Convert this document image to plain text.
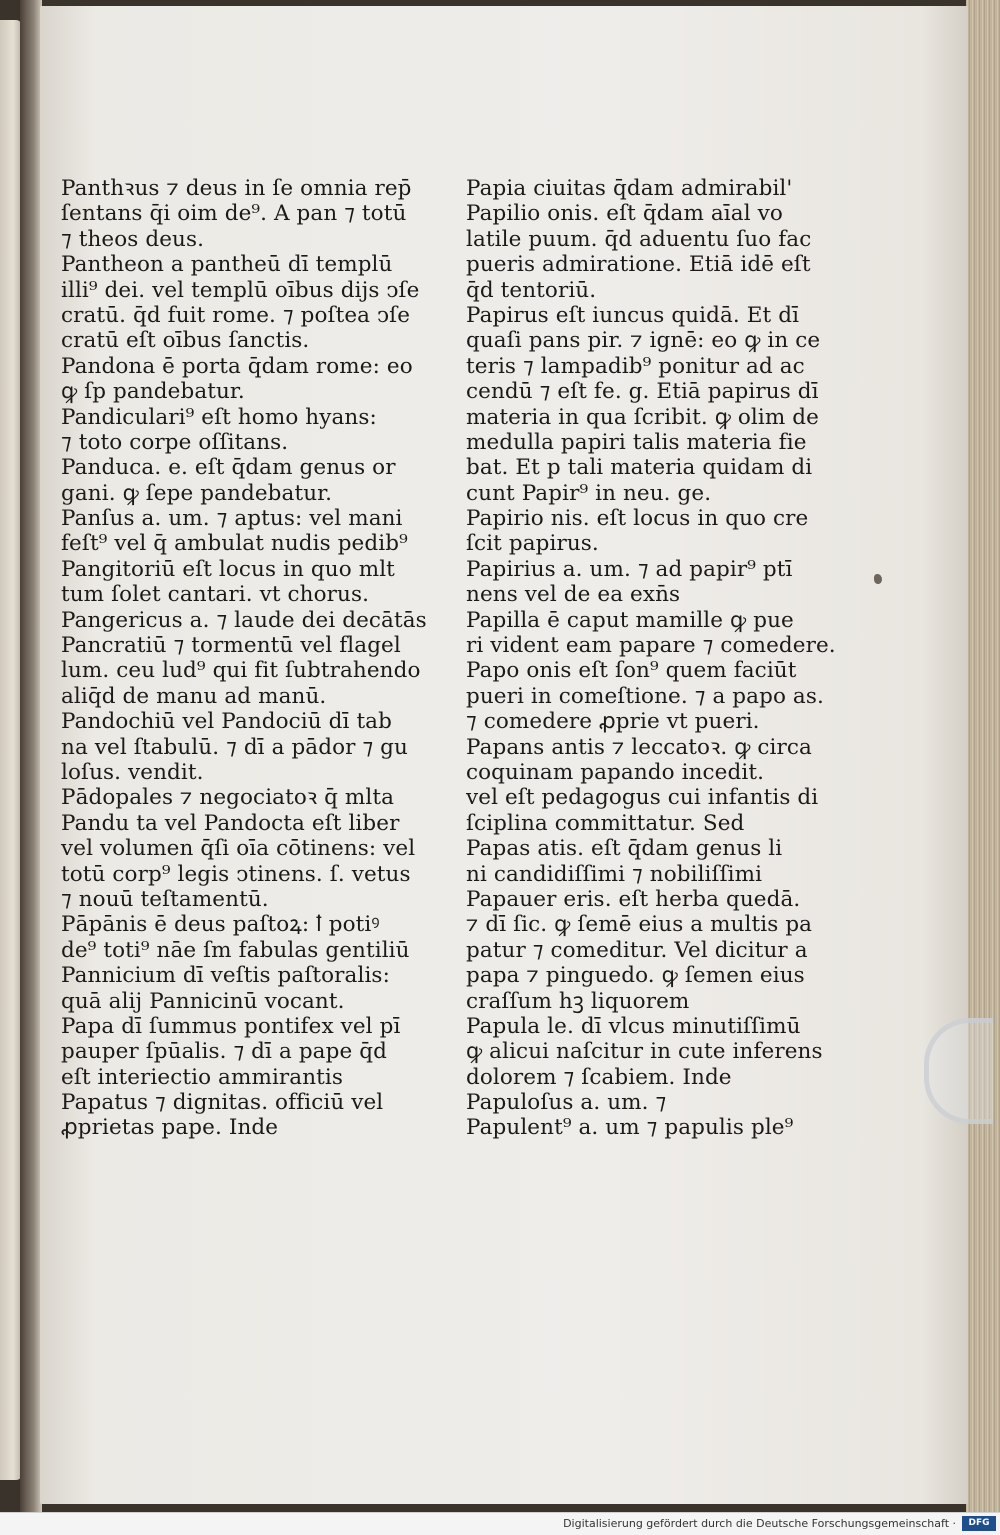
Panthꝛus ⁊ deus in ſe omnia rep̄
ſentans q̄i oim de⁹. A pan ⁊ totū
⁊ theos deus.
Pantheon a pantheū dī templū
illi⁹ dei. vel templū oībus dijs ↄſe
cratū. q̄d fuit rome. ⁊ poſtea ↄſe
cratū eſt oībus ſanctis.
Pandona ē porta q̄dam rome: eo
ꝙ ſp pandebatur.
Pandiculari⁹ eſt homo hyans:
⁊ toto corpe oſſitans.
Panduca. e. eſt q̄dam genus or
gani. ꝙ ſepe pandebatur.
Panſus a. um. ⁊ aptus: vel mani
feſt⁹ vel q̄ ambulat nudis pedib⁹
Pangitoriū eſt locus in quo mlt
tum ſolet cantari. vt chorus.
Pangericus a. ⁊ laude dei decātās
Pancratiū ⁊ tormentū vel flagel
lum. ceu lud⁹ qui fit ſubtrahendo
aliq̄d de manu ad manū.
Pandochiū vel Pandociū dī tab
na vel ſtabulū. ⁊ dī a pādor ⁊ gu
loſus. vendit.
Pādopales ⁊ negociatoꝛ q̄ mlta
Pandu ta vel Pandocta eſt liber
vel volumen q̄ſi oīa cōtinens: vel
totū corp⁹ legis ↄtinens. ſ. vetus
⁊ nouū teſtamentū.
Pāpānis ē deus paſtoꝝ: ꝉ potiꝰ
de⁹ toti⁹ nāe ſm fabulas gentiliū
Pannicium dī veſtis paſtoralis:
quā alij Pannicinū vocant.
Papa dī ſummus pontifex vel pī
pauper ſpūalis. ⁊ dī a pape q̄d
eſt interiectio ammirantis
Papatus ⁊ dignitas. officiū vel
ꝓprietas pape. Inde
Papia ciuitas q̄dam admirabil'
Papilio onis. eſt q̄dam aīal vo
latile puum. q̄d aduentu ſuo fac
pueris admiratione. Etiā idē eſt
q̄d tentoriū.
Papirus eſt iuncus quidā. Et dī
quaſi pans pir. ⁊ ignē: eo ꝙ in ce
teris ⁊ lampadib⁹ ponitur ad ac
cendū ⁊ eſt fe. g. Etiā papirus dī
materia in qua ſcribit. ꝙ olim de
medulla papiri talis materia fie
bat. Et p tali materia quidam di
cunt Papir⁹ in neu. ge.
Papirio nis. eſt locus in quo cre
ſcit papirus.
Papirius a. um. ⁊ ad papir⁹ ptī
nens vel de ea exn̄s
Papilla ē caput mamille ꝙ pue
ri vident eam papare ⁊ comedere.
Papo onis eſt ſon⁹ quem faciūt
pueri in comeſtione. ⁊ a papo as.
⁊ comedere ꝓprie vt pueri.
Papans antis ⁊ leccatoꝛ. ꝙ circa
coquinam papando incedit.
vel eſt pedagogus cui infantis di
ſciplina committatur. Sed
Papas atis. eſt q̄dam genus li
ni candidiſſimi ⁊ nobiliſſimi
Papauer eris. eſt herba quedā.
⁊ dī ſic. ꝙ ſemē eius a multis pa
patur ⁊ comeditur. Vel dicitur a
papa ⁊ pinguedo. ꝙ ſemen eius
craſſum hꝫ liquorem
Papula le. dī vlcus minutiſſimū
ꝙ alicui naſcitur in cute inferens
dolorem ⁊ ſcabiem. Inde
Papuloſus a. um. ⁊
Papulent⁹ a. um ⁊ papulis ple⁹
Digitalisierung gefördert durch die Deutsche Forschungsgemeinschaft ·	DFG
